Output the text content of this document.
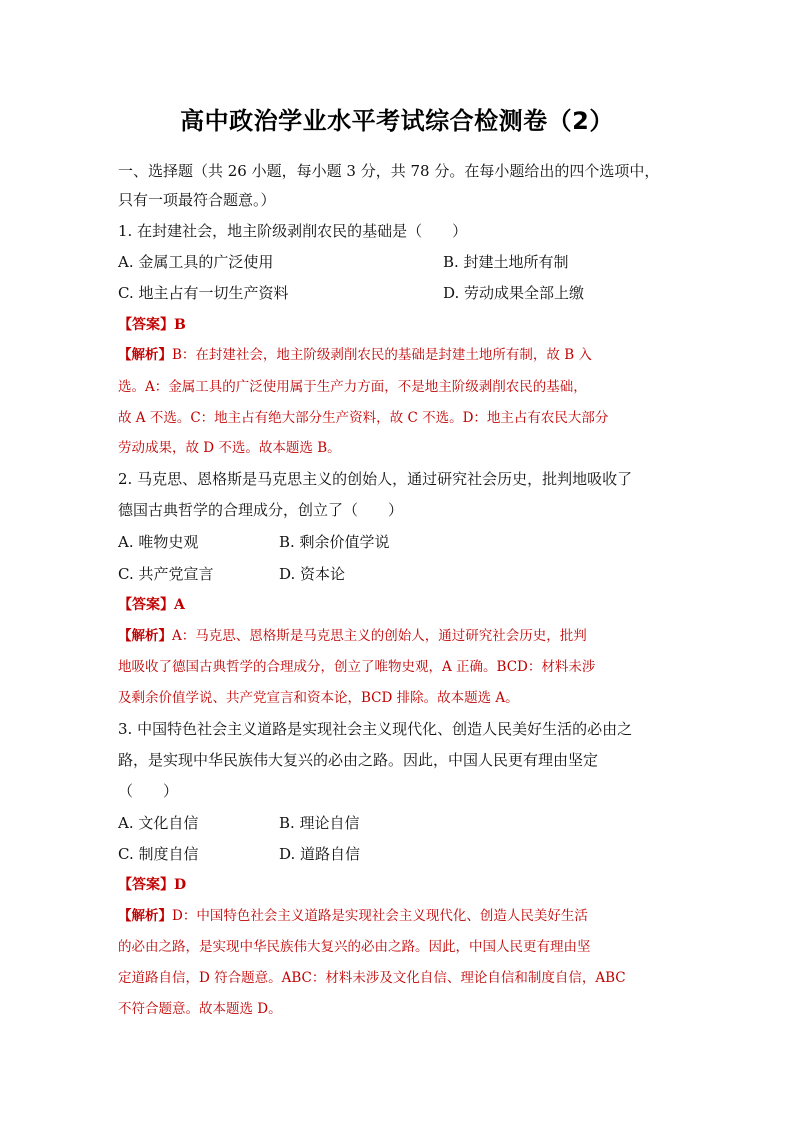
高中政治学业水平考试综合检测卷（2）
一、选择题（共 26 小题，每小题 3 分，共 78 分。在每小题给出的四个选项中，
只有一项最符合题意。）
1. 在封建社会，地主阶级剥削农民的基础是（　　）
A. 金属工具的广泛使用	B. 封建土地所有制
C. 地主占有一切生产资料	D. 劳动成果全部上缴
【答案】B
【解析】B：在封建社会，地主阶级剥削农民的基础是封建土地所有制，故 B 入
选。A：金属工具的广泛使用属于生产力方面，不是地主阶级剥削农民的基础，
故 A 不选。C：地主占有绝大部分生产资料，故 C 不选。D：地主占有农民大部分
劳动成果，故 D 不选。故本题选 B。
2. 马克思、恩格斯是马克思主义的创始人，通过研究社会历史，批判地吸收了
德国古典哲学的合理成分，创立了（　　）
A. 唯物史观	B. 剩余价值学说
C. 共产党宣言	D. 资本论
【答案】A
【解析】A：马克思、恩格斯是马克思主义的创始人，通过研究社会历史，批判
地吸收了德国古典哲学的合理成分，创立了唯物史观，A 正确。BCD：材料未涉
及剩余价值学说、共产党宣言和资本论，BCD 排除。故本题选 A。
3. 中国特色社会主义道路是实现社会主义现代化、创造人民美好生活的必由之
路，是实现中华民族伟大复兴的必由之路。因此，中国人民更有理由坚定
（　　）
A. 文化自信	B. 理论自信
C. 制度自信	D. 道路自信
【答案】D
【解析】D：中国特色社会主义道路是实现社会主义现代化、创造人民美好生活
的必由之路，是实现中华民族伟大复兴的必由之路。因此，中国人民更有理由坚
定道路自信，D 符合题意。ABC：材料未涉及文化自信、理论自信和制度自信，ABC
不符合题意。故本题选 D。
